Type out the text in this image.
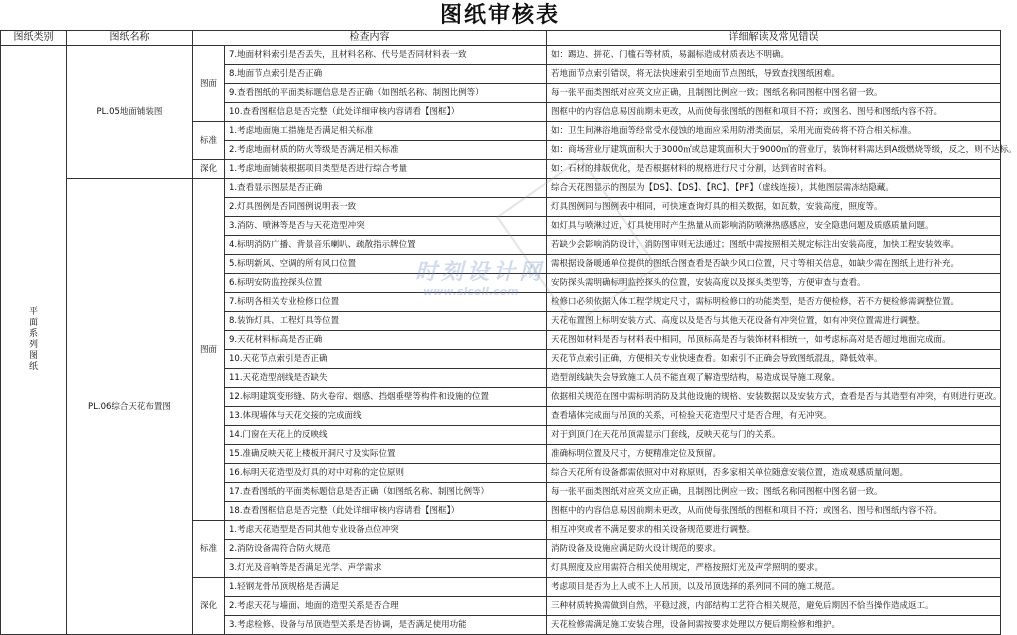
图纸审核表
图纸类别	图纸名称	检查内容		详细解读及常见错误

平面系列图纸	PL.05地面铺装图	图面	7.地面材料索引是否丢失，且材料名称、代号是否同材料表一致	如：踢边、拼花、门槛石等材质，易漏标造成材质表达不明确。
			8.地面节点索引是否正确	若地面节点索引错误，将无法快速索引至地面节点图纸，导致查找图纸困难。
			9.查看图纸的平面类标题信息是否正确（如图纸名称、制图比例等）	每一张平面类图纸对应英文应正确，且制图比例应一致；图纸名称同图框中图名留一致。
			10.查看图框信息是否完整（此处详细审核内容请看【图框】）	图框中的内容信息易因前期未更改，从而使每张图纸的图框和项目不符；或图名、图号和图纸内容不符。
		标准	1.考虑地面施工措施是否满足相关标准	如：卫生间淋浴地面等经常受水侵蚀的地面应采用防滑类面层，采用光面瓷砖将不符合相关标准。
			2.考虑地面材质的防火等级是否满足相关标准	如：商场营业厅建筑面积大于3000㎡或总建筑面积大于9000㎡的营业厅，装饰材料需达到A级燃烧等级，反之，则不达标。
		深化	1.考虑地面铺装根据项目类型是否进行综合考量	如：石材的排版优化，是否根据材料的规格进行尺寸分割，达到省时省料。
	PL.06综合天花布置图	图面	1.查看显示图层是否正确	综合天花图显示的图层为【DS】、【DS】、【RC】、【PF】（虚线连接），其他图层需冻结隐藏。
			2.灯具图例是否同图例说明表一致	灯具图例同与图例表中相同，可快速查询灯具的相关数据，如瓦数，安装高度，照度等。
			3.消防、喷淋等是否与天花造型冲突	如灯具与喷淋过近，灯具使用时产生热量从而影响消防喷淋热感感应，安全隐患问题及质感质量问题。
			4.标明消防广播、背景音乐喇叭、疏散指示牌位置	若缺少会影响消防设计，消防图审则无法通过；图纸中需按照相关规定标注出安装高度，加快工程安装效率。
			5.标明新风、空调的所有风口位置	需根据设备暖通单位提供的图纸合图查看是否缺少风口位置，尺寸等相关信息，如缺少需在图纸上进行补充。
			6.标明安防监控探头位置	安防探头需明确标明监控探头的位置，安装高度以及探头类型等，方便审查与查看。
			7.标明各相关专业检修口位置	检修口必须依据人体工程学规定尺寸，需标明检修口的功能类型，是否方便检修，若不方便检修需调整位置。
			8.装饰灯具、工程灯具等位置	天花布置图上标明安装方式、高度以及是否与其他天花设备有冲突位置，如有冲突位置需进行调整。
			9.天花材料标高是否正确	天花图如材料是否与材料表中相同，吊顶标高是否与装饰材料相统一，如考虑标高对是否超过地面完成面。
			10.天花节点索引是否正确	天花节点索引正确，方便相关专业快速查看。如索引不正确会导致图纸混乱，降低效率。
			11.天花造型剖线是否缺失	造型剖线缺失会导致施工人员不能直观了解造型结构，易造成误导施工现象。
			12.标明建筑变形缝、防火卷帘、烟感、挡烟垂壁等构件和设施的位置	依据相关规范在图中需标明消防及其他设施的规格、安装数据以及安装方式，查看是否与其造型有冲突，有则进行更改。
			13.体现墙体与天花交接的完成面线	查看墙体完成面与吊顶的关系，可检验天花造型尺寸是否合理，有无冲突。
			14.门窗在天花上的反映线	对于到顶门在天花吊顶需显示门套线，反映天花与门的关系。
			15.准确反映天花上楼板开洞尺寸及实际位置	准确标明位置及尺寸，方便精准定位及预留。
			16.标明天花造型及灯具的对中对称的定位原则	综合天花所有设备都需依照对中对称原则，否多家相关单位随意安装位置，造成观感质量问题。
			17.查看图纸的平面类标题信息是否正确（如图纸名称、制图比例等）	每一张平面类图纸对应英文应正确，且制图比例应一致；图纸名称同图框中图名留一致。
			18.查看图框信息是否完整（此处详细审核内容请看【图框】）	图框中的内容信息易因前期未更改，从而使每张图纸的图框和项目不符；或图名、图号和图纸内容不符。
		标准	1.考虑天花造型是否同其他专业设备点位冲突	相互冲突或者不满足要求的相关设备规范要进行调整。
			2.消防设备需符合防火规范	消防设备及设施应满足防火设计规范的要求。
			3.灯光及音响等是否满足光学、声学需求	灯具照度及应用需符合相关使用规定，严格按照灯光及声学照明的要求。
		深化	1.轻钢龙骨吊顶规格是否满足	考虑项目是否为上人或不上人吊顶，以及吊顶选择的系列同不同的施工规范。
			2.考虑天花与墙面、地面的造型关系是否合理	三种材质转换需做到自然，平稳过渡，内部结构工艺符合相关规范，避免后期因不恰当操作造成返工。
			3.考虑检修、设备与吊顶造型关系是否协调，是否满足使用功能	天花检修需满足施工安装合理，设备间需按要求处理以方便后期检修和维护。
时刻设计网
www.slcoll.com
